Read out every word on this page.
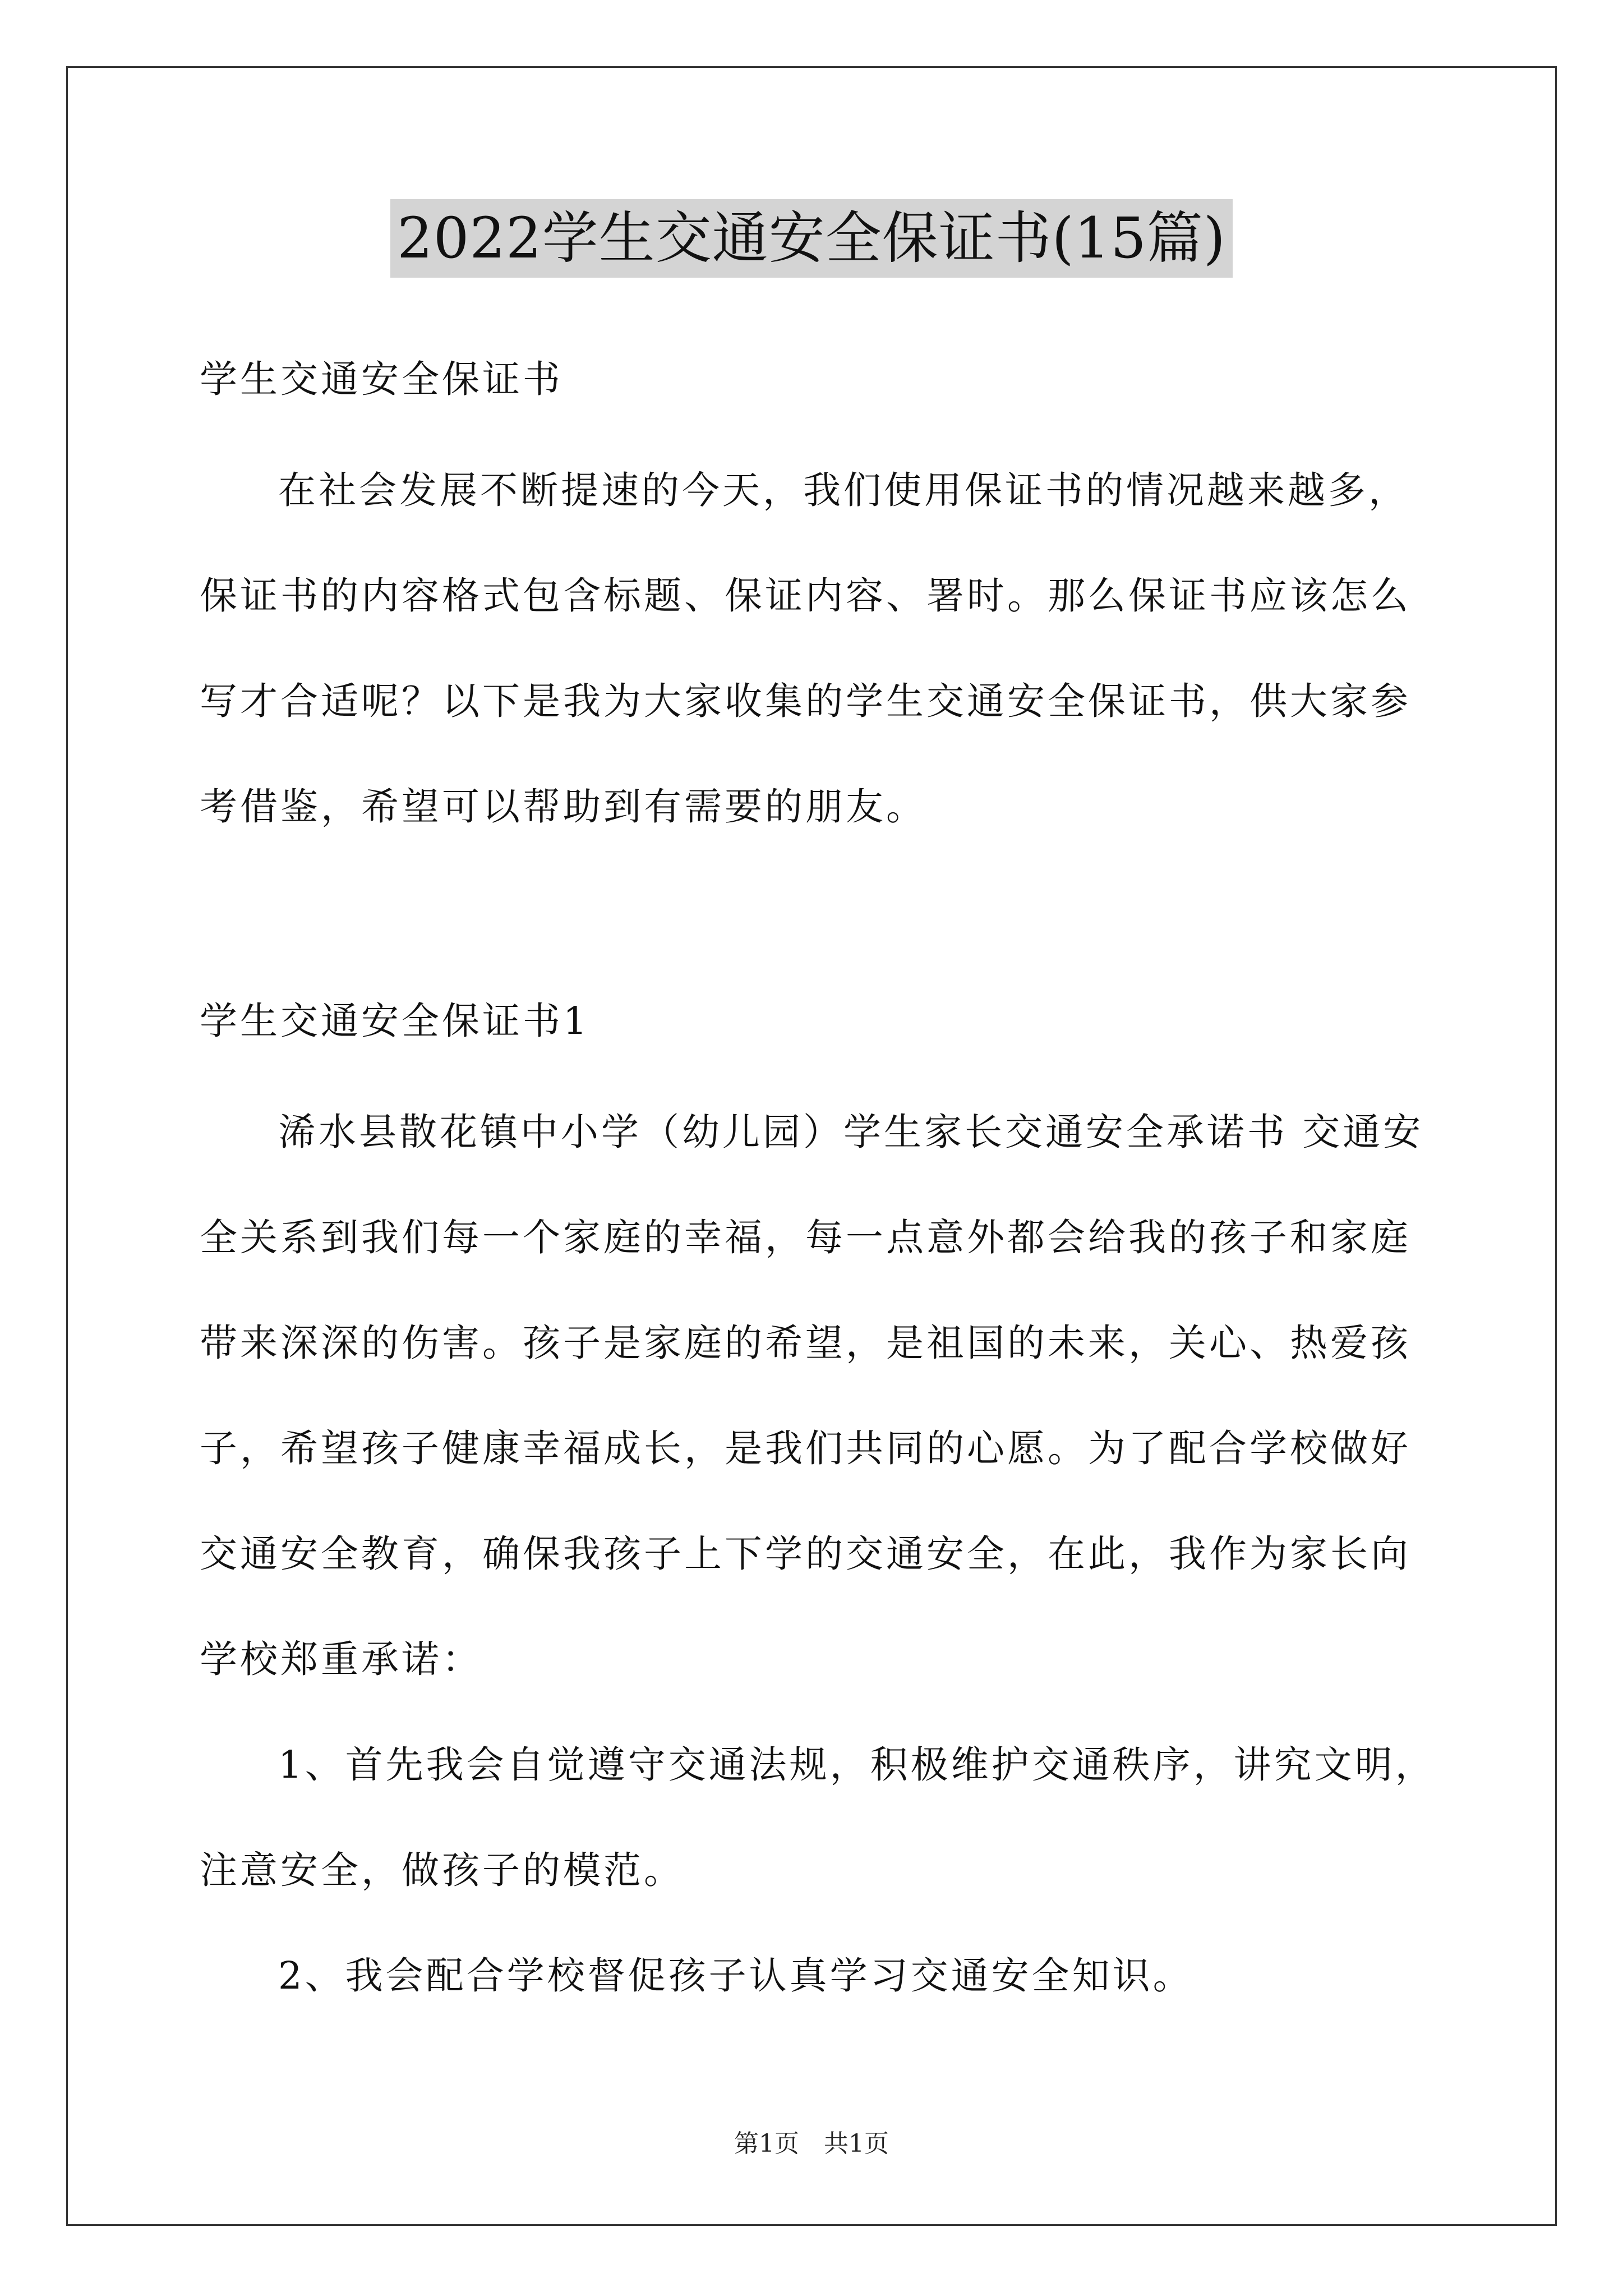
2022学生交通安全保证书(15篇)

学生交通安全保证书

在社会发展不断提速的今天，我们使用保证书的情况越来越多，保证书的内容格式包含标题、保证内容、署时。那么保证书应该怎么写才合适呢？以下是我为大家收集的学生交通安全保证书，供大家参考借鉴，希望可以帮助到有需要的朋友。

学生交通安全保证书1

浠水县散花镇中小学（幼儿园）学生家长交通安全承诺书 交通安全关系到我们每一个家庭的幸福，每一点意外都会给我的孩子和家庭带来深深的伤害。孩子是家庭的希望，是祖国的未来，关心、热爱孩子，希望孩子健康幸福成长，是我们共同的心愿。为了配合学校做好交通安全教育，确保我孩子上下学的交通安全，在此，我作为家长向学校郑重承诺：

1、首先我会自觉遵守交通法规，积极维护交通秩序，讲究文明，注意安全，做孩子的模范。

2、我会配合学校督促孩子认真学习交通安全知识。

第1页　共1页
